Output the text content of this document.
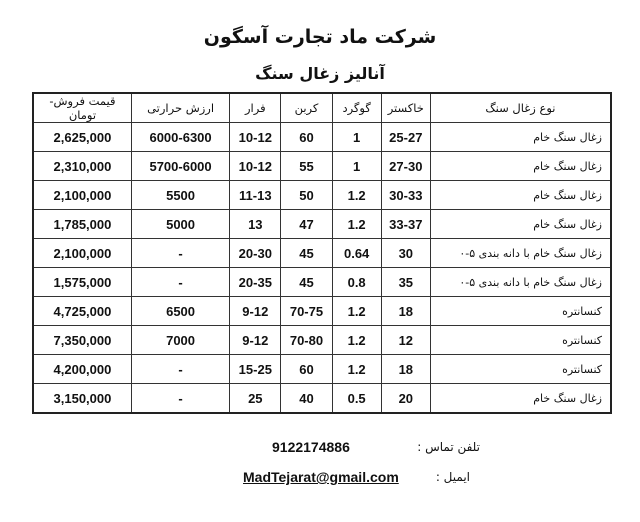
شرکت ماد تجارت آسگون
آنالیز زغال سنگ
نوع زغال سنگ	خاکستر	گوگرد	کربن	فرار	ارزش حرارتی	قیمت فروش- تومان
زغال سنگ خام	25-27	1	60	10-12	6000-6300	2,625,000
زغال سنگ خام	27-30	1	55	10-12	5700-6000	2,310,000
زغال سنگ خام	30-33	1.2	50	11-13	5500	2,100,000
زغال سنگ خام	33-37	1.2	47	13	5000	1,785,000
زغال سنگ خام با دانه بندی ۵-۰	30	0.64	45	20-30	-	2,100,000
زغال سنگ خام با دانه بندی ۵-۰	35	0.8	45	20-35	-	1,575,000
کنسانتره	18	1.2	70-75	9-12	6500	4,725,000
کنسانتره	12	1.2	70-80	9-12	7000	7,350,000
کنسانتره	18	1.2	60	15-25	-	4,200,000
زغال سنگ خام	20	0.5	40	25	-	3,150,000
تلفن تماس :
9122174886
ایمیل :
MadTejarat@gmail.com
